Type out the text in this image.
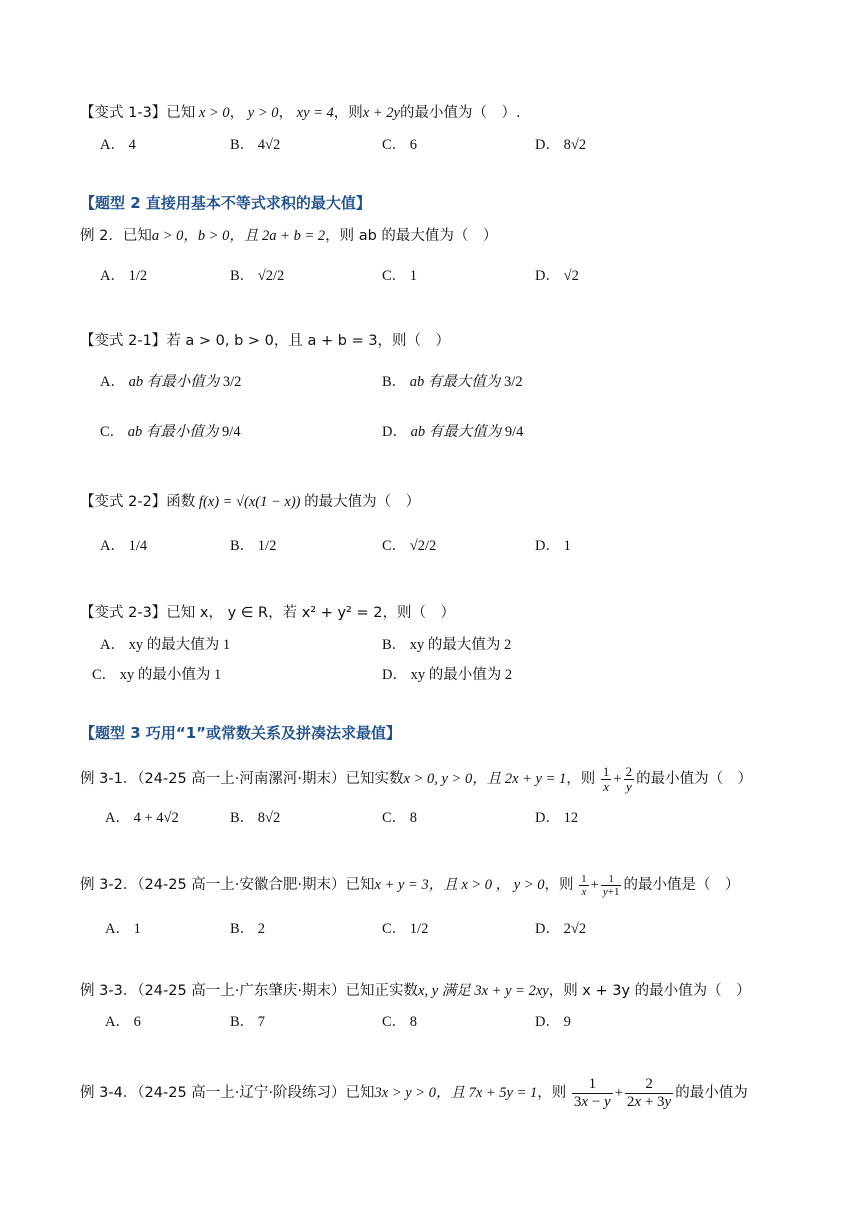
【变式 1-3】已知 x > 0， y > 0， xy = 4，则x + 2y的最小值为（　）.
A． 4	B． 4√2	C． 6	D． 8√2
【题型 2 直接用基本不等式求积的最大值】
例 2．已知a > 0，b > 0，且 2a + b = 2，则 ab 的最大值为（　）
A． 1/2	B． √2/2	C． 1	D． √2
【变式 2-1】若 a > 0, b > 0，且 a + b = 3，则（　）
A． ab 有最小值为 3/2	B． ab 有最大值为 3/2
C． ab 有最小值为 9/4	D． ab 有最大值为 9/4
【变式 2-2】函数 f(x) = √(x(1 − x)) 的最大值为（　）
A． 1/4	B． 1/2	C． √2/2	D． 1
【变式 2-3】已知 x， y ∈ R，若 x² + y² = 2，则（　）
A． xy 的最大值为 1	B． xy 的最大值为 2
C． xy 的最小值为 1	D． xy 的最小值为 2
【题型 3 巧用“1”或常数关系及拼凑法求最值】
例 3-1．（24-25 高一上·河南漯河·期末）已知实数x > 0, y > 0，且 2x + y = 1，则 $\frac{1}{x} + \frac{2}{y}$ 的最小值为（　）
A． 4 + 4√2	B． 8√2	C． 8	D． 12
例 3-2．（24-25 高一上·安徽合肥·期末）已知x + y = 3，且 x > 0 ， y > 0，则 $\frac{1}{x} + \frac{1}{y+1}$ 的最小值是（　）
A． 1	B． 2	C． 1/2	D． 2√2
例 3-3．（24-25 高一上·广东肇庆·期末）已知正实数x, y 满足 3x + y = 2xy，则 x + 3y 的最小值为（　）
A． 6	B． 7	C． 8	D． 9
例 3-4．（24-25 高一上·辽宁·阶段练习）已知3x > y > 0，且 7x + 5y = 1，则 $\frac{1}{3x - y} + \frac{2}{2x + 3y}$ 的最小值为
